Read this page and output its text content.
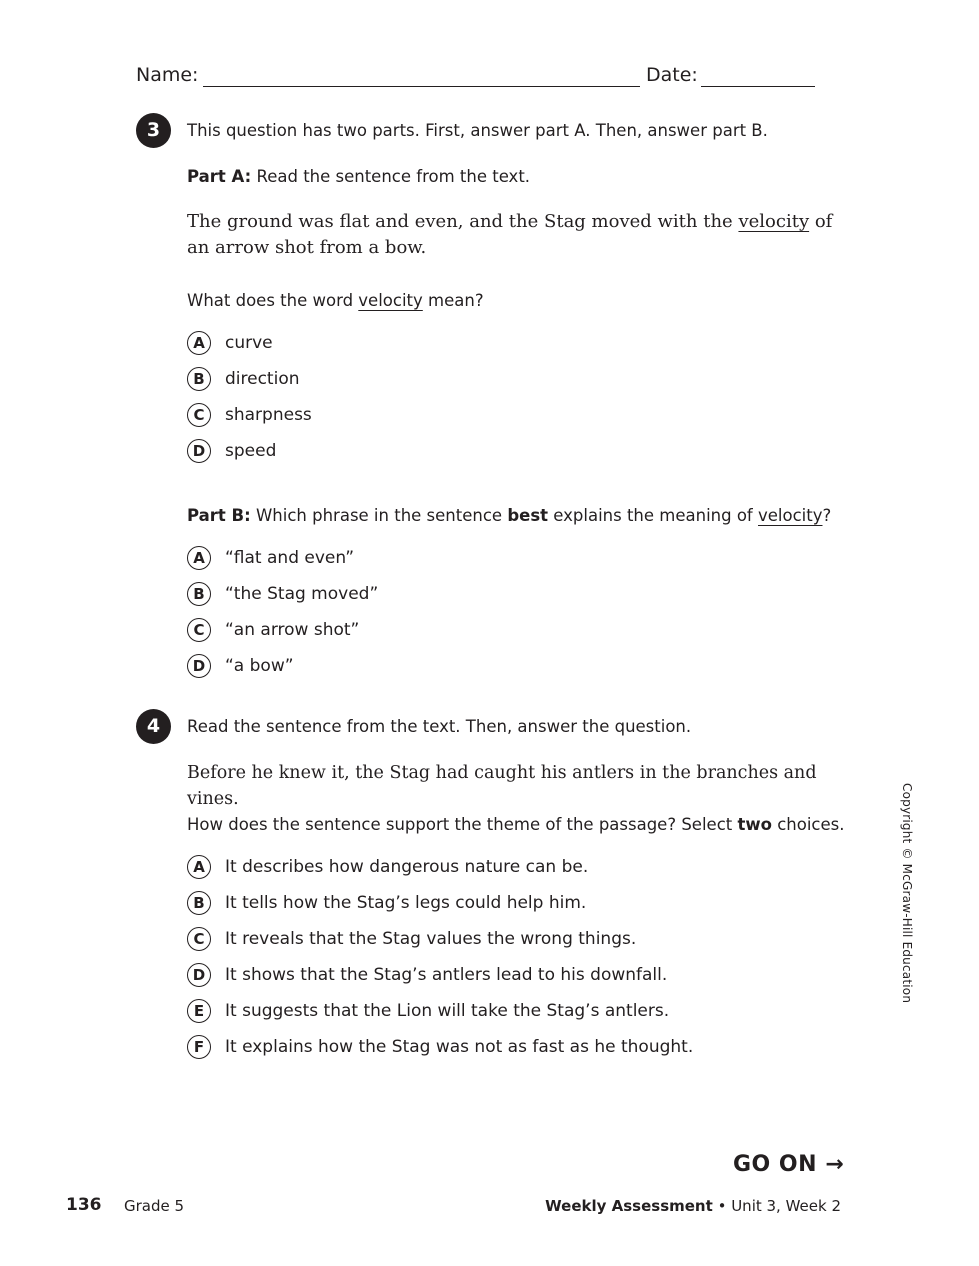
Name:	Date:
3	This question has two parts. First, answer part A. Then, answer part B.
Part A: Read the sentence from the text.
The ground was flat and even, and the Stag moved with the velocity of an arrow shot from a bow.
What does the word velocity mean?
A	curve
B	direction
C	sharpness
D	speed
Part B: Which phrase in the sentence best explains the meaning of velocity?
A	“flat and even”
B	“the Stag moved”
C	“an arrow shot”
D	“a bow”
4	Read the sentence from the text. Then, answer the question.
Before he knew it, the Stag had caught his antlers in the branches and vines.
How does the sentence support the theme of the passage? Select two choices.
A	It describes how dangerous nature can be.
B	It tells how the Stag’s legs could help him.
C	It reveals that the Stag values the wrong things.
D	It shows that the Stag’s antlers lead to his downfall.
E	It suggests that the Lion will take the Stag’s antlers.
F	It explains how the Stag was not as fast as he thought.
Copyright © McGraw-Hill Education
GO ON →
136 Grade 5	Weekly Assessment • Unit 3, Week 2
